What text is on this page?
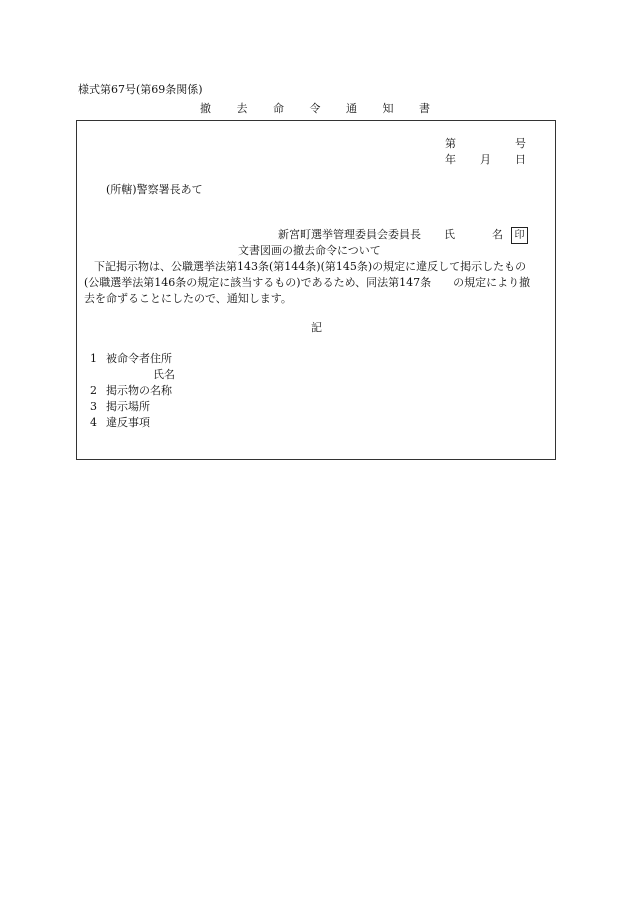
様式第67号(第69条関係)
撤 去 命 令 通 知 書
第	号
年 月 日
(所轄)警察署長あて
新宮町選挙管理委員会委員長 氏	名	印
文書図画の撤去命令について
下記掲示物は、公職選挙法第143条(第144条)(第145条)の規定に違反して掲示したもの
(公職選挙法第146条の規定に該当するもの)であるため、同法第147条　　の規定により撤
去を命ずることにしたので、通知します。
記
1 被命令者住所
氏名
2 掲示物の名称
3 掲示場所
4 違反事項
